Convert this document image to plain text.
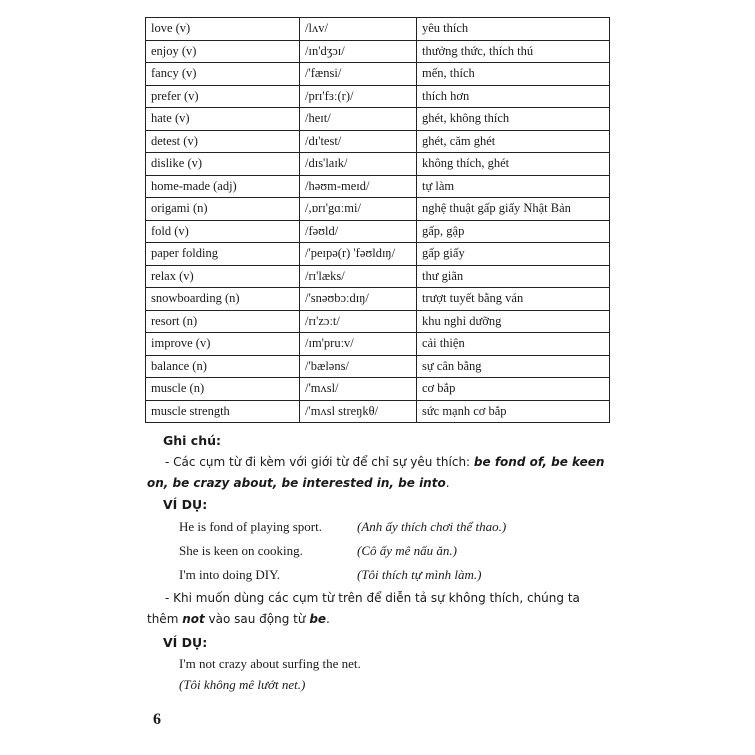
love (v)	/lʌv/	yêu thích
enjoy (v)	/ɪn'dʒɔɪ/	thưởng thức, thích thú
fancy (v)	/'fænsi/	mến, thích
prefer (v)	/prɪ'fɜː(r)/	thích hơn
hate (v)	/heɪt/	ghét, không thích
detest (v)	/dɪ'test/	ghét, căm ghét
dislike (v)	/dɪs'laɪk/	không thích, ghét
home-made (adj)	/həʊm-meɪd/	tự làm
origami (n)	/,ɒrɪ'gɑːmi/	nghệ thuật gấp giấy Nhật Bản
fold (v)	/fəʊld/	gấp, gập
paper folding	/'peɪpə(r) 'fəʊldɪŋ/	gấp giấy
relax (v)	/rɪ'læks/	thư giãn
snowboarding (n)	/'snəʊbɔːdɪŋ/	trượt tuyết bằng ván
resort (n)	/rɪ'zɔːt/	khu nghỉ dưỡng
improve (v)	/ɪm'pruːv/	cải thiện
balance (n)	/'bæləns/	sự cân bằng
muscle (n)	/'mʌsl/	cơ bắp
muscle strength	/'mʌsl streŋkθ/	sức mạnh cơ bắp
Ghi chú:
- Các cụm từ đi kèm với giới từ để chỉ sự yêu thích: be fond of, be keen on, be crazy about, be interested in, be into.
VÍ DỤ:
He is fond of playing sport.	(Anh ấy thích chơi thể thao.)
She is keen on cooking.	(Cô ấy mê nấu ăn.)
I'm into doing DIY.	(Tôi thích tự mình làm.)
- Khi muốn dùng các cụm từ trên để diễn tả sự không thích, chúng ta thêm not vào sau động từ be.
VÍ DỤ:
I'm not crazy about surfing the net.
(Tôi không mê lướt net.)
6
